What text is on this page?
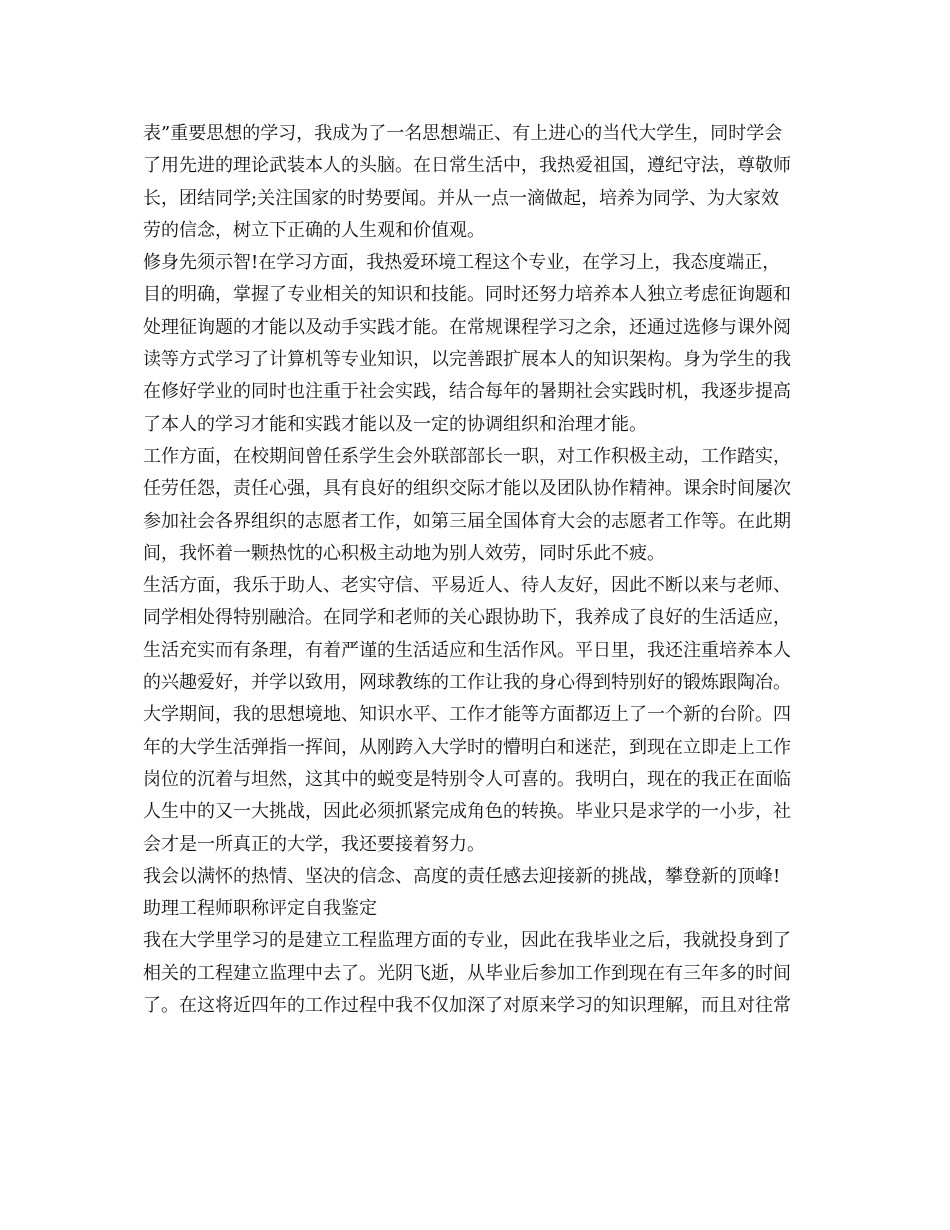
表”重要思想的学习，我成为了一名思想端正、有上进心的当代大学生，同时学会
了用先进的理论武装本人的头脑。在日常生活中，我热爱祖国，遵纪守法，尊敬师
长，团结同学;关注国家的时势要闻。并从一点一滴做起，培养为同学、为大家效
劳的信念，树立下正确的人生观和价值观。
修身先须示智!在学习方面，我热爱环境工程这个专业，在学习上，我态度端正，
目的明确，掌握了专业相关的知识和技能。同时还努力培养本人独立考虑征询题和
处理征询题的才能以及动手实践才能。在常规课程学习之余，还通过选修与课外阅
读等方式学习了计算机等专业知识，以完善跟扩展本人的知识架构。身为学生的我
在修好学业的同时也注重于社会实践，结合每年的暑期社会实践时机，我逐步提高
了本人的学习才能和实践才能以及一定的协调组织和治理才能。
工作方面，在校期间曾任系学生会外联部部长一职，对工作积极主动，工作踏实，
任劳任怨，责任心强，具有良好的组织交际才能以及团队协作精神。课余时间屡次
参加社会各界组织的志愿者工作，如第三届全国体育大会的志愿者工作等。在此期
间，我怀着一颗热忱的心积极主动地为别人效劳，同时乐此不疲。
生活方面，我乐于助人、老实守信、平易近人、待人友好，因此不断以来与老师、
同学相处得特别融洽。在同学和老师的关心跟协助下，我养成了良好的生活适应，
生活充实而有条理，有着严谨的生活适应和生活作风。平日里，我还注重培养本人
的兴趣爱好，并学以致用，网球教练的工作让我的身心得到特别好的锻炼跟陶冶。
大学期间，我的思想境地、知识水平、工作才能等方面都迈上了一个新的台阶。四
年的大学生活弹指一挥间，从刚跨入大学时的懵明白和迷茫，到现在立即走上工作
岗位的沉着与坦然，这其中的蜕变是特别令人可喜的。我明白，现在的我正在面临
人生中的又一大挑战，因此必须抓紧完成角色的转换。毕业只是求学的一小步，社
会才是一所真正的大学，我还要接着努力。
我会以满怀的热情、坚决的信念、高度的责任感去迎接新的挑战，攀登新的顶峰!
助理工程师职称评定自我鉴定
我在大学里学习的是建立工程监理方面的专业，因此在我毕业之后，我就投身到了
相关的工程建立监理中去了。光阴飞逝，从毕业后参加工作到现在有三年多的时间
了。在这将近四年的工作过程中我不仅加深了对原来学习的知识理解，而且对往常
